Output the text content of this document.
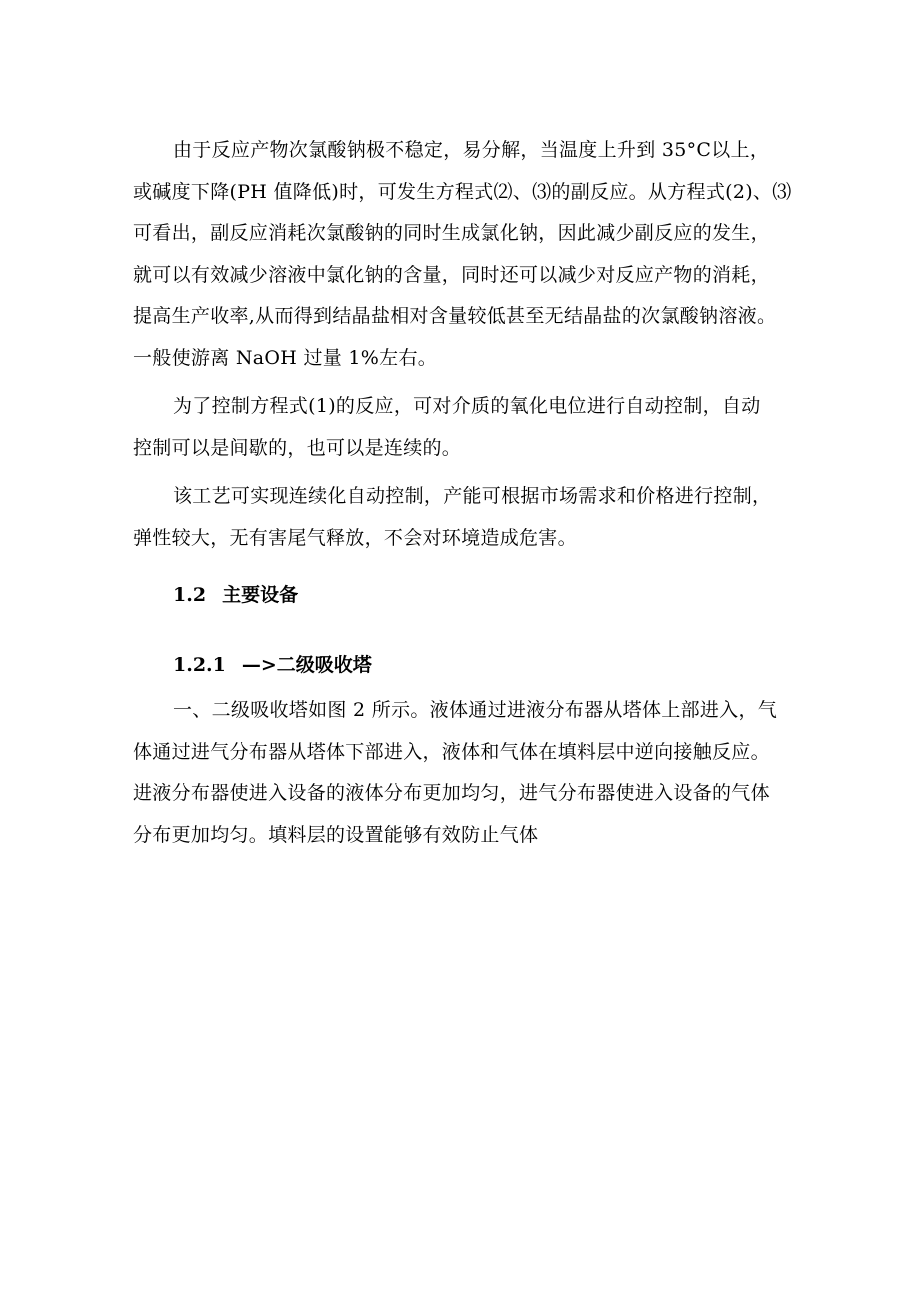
由于反应产物次氯酸钠极不稳定，易分解，当温度上升到 35°C以上，
或碱度下降(PH 值降低)时，可发生方程式⑵、⑶的副反应。从方程式(2)、⑶
可看出，副反应消耗次氯酸钠的同时生成氯化钠，因此减少副反应的发生，
就可以有效减少溶液中氯化钠的含量，同时还可以减少对反应产物的消耗，
提高生产收率,从而得到结晶盐相对含量较低甚至无结晶盐的次氯酸钠溶液。
一般使游离 NaOH 过量 1%左右。
为了控制方程式(1)的反应，可对介质的氧化电位进行自动控制，自动
控制可以是间歇的，也可以是连续的。
该工艺可实现连续化自动控制，产能可根据市场需求和价格进行控制，
弹性较大，无有害尾气释放，不会对环境造成危害。
1.2 主要设备
1.2.1 —>二级吸收塔
一、二级吸收塔如图 2 所示。液体通过进液分布器从塔体上部进入，气
体通过进气分布器从塔体下部进入，液体和气体在填料层中逆向接触反应。
进液分布器使进入设备的液体分布更加均匀，进气分布器使进入设备的气体
分布更加均匀。填料层的设置能够有效防止气体
